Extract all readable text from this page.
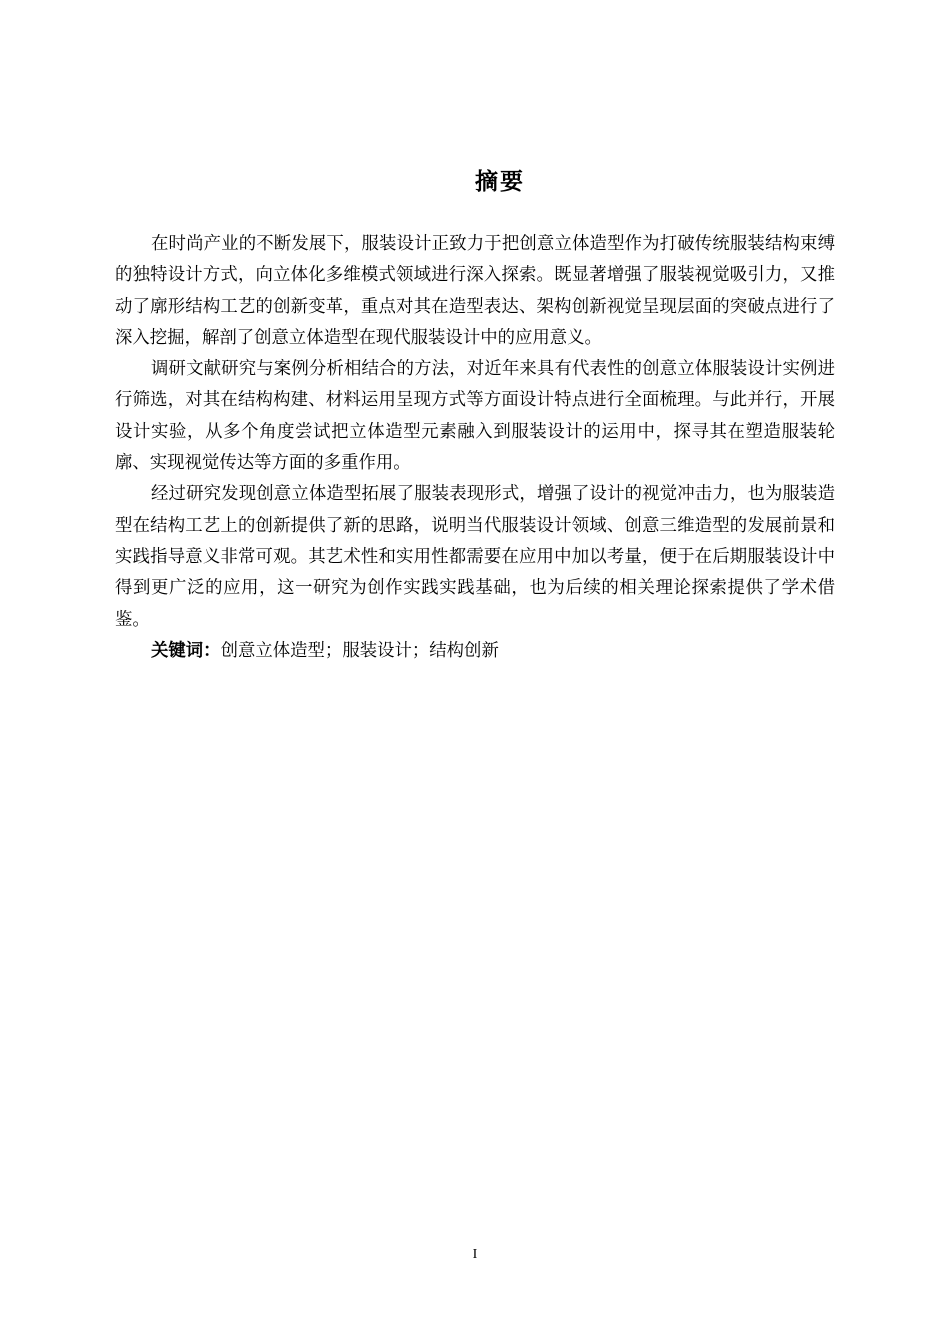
摘要

在时尚产业的不断发展下，服装设计正致力于把创意立体造型作为打破传统服装结构束缚的独特设计方式，向立体化多维模式领域进行深入探索。既显著增强了服装视觉吸引力，又推动了廓形结构工艺的创新变革，重点对其在造型表达、架构创新视觉呈现层面的突破点进行了深入挖掘，解剖了创意立体造型在现代服装设计中的应用意义。

调研文献研究与案例分析相结合的方法，对近年来具有代表性的创意立体服装设计实例进行筛选，对其在结构构建、材料运用呈现方式等方面设计特点进行全面梳理。与此并行，开展设计实验，从多个角度尝试把立体造型元素融入到服装设计的运用中，探寻其在塑造服装轮廓、实现视觉传达等方面的多重作用。

经过研究发现创意立体造型拓展了服装表现形式，增强了设计的视觉冲击力，也为服装造型在结构工艺上的创新提供了新的思路，说明当代服装设计领域、创意三维造型的发展前景和实践指导意义非常可观。其艺术性和实用性都需要在应用中加以考量，便于在后期服装设计中得到更广泛的应用，这一研究为创作实践实践基础，也为后续的相关理论探索提供了学术借鉴。

关键词：创意立体造型；服装设计；结构创新

I
